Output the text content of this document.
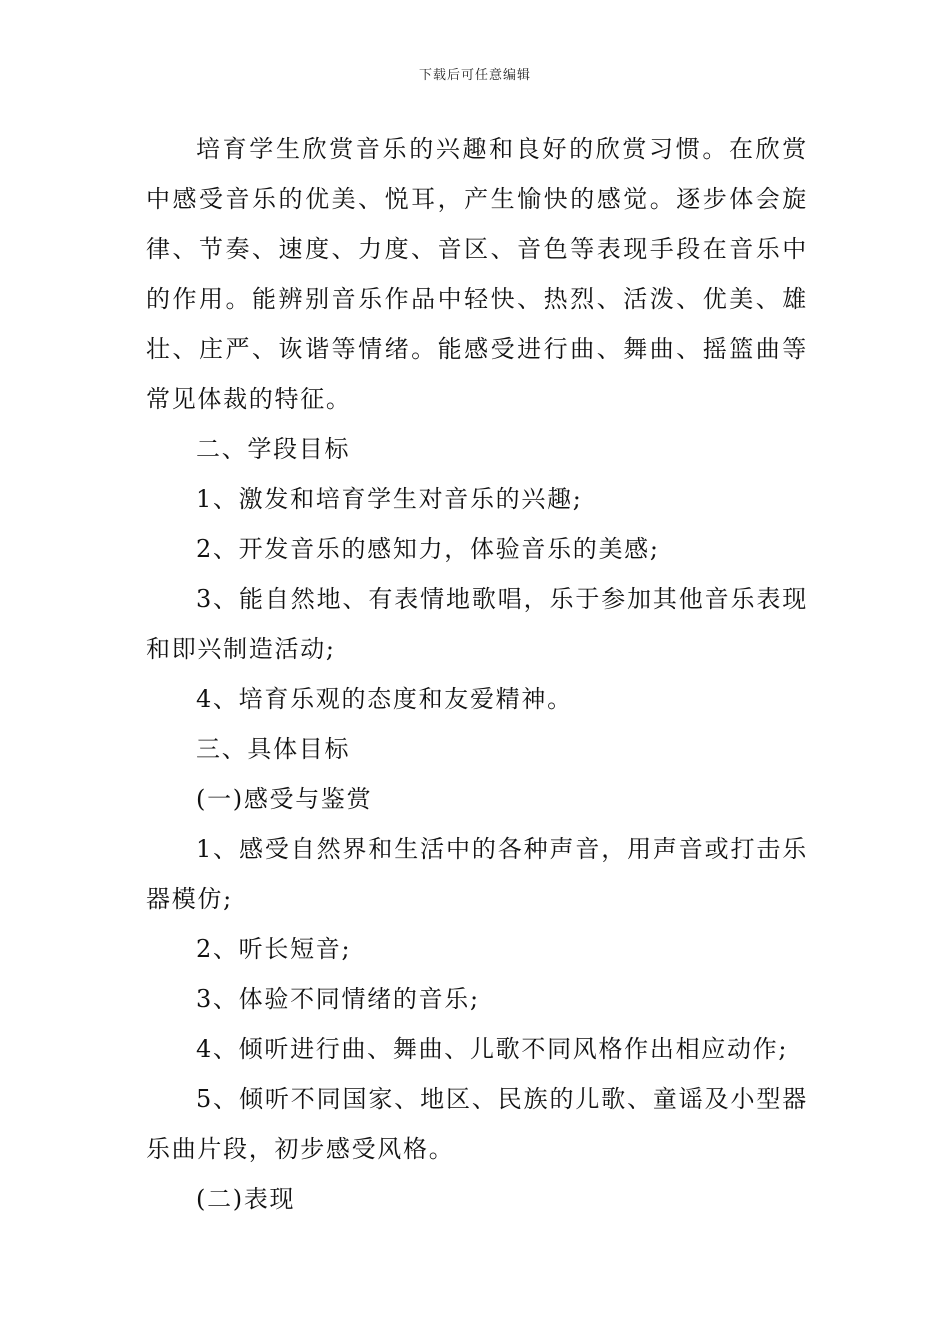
下载后可任意编辑

培育学生欣赏音乐的兴趣和良好的欣赏习惯。在欣赏中感受音乐的优美、悦耳，产生愉快的感觉。逐步体会旋律、节奏、速度、力度、音区、音色等表现手段在音乐中的作用。能辨别音乐作品中轻快、热烈、活泼、优美、雄壮、庄严、诙谐等情绪。能感受进行曲、舞曲、摇篮曲等常见体裁的特征。

二、学段目标

1、激发和培育学生对音乐的兴趣;

2、开发音乐的感知力，体验音乐的美感;

3、能自然地、有表情地歌唱，乐于参加其他音乐表现和即兴制造活动;

4、培育乐观的态度和友爱精神。

三、具体目标

(一)感受与鉴赏

1、感受自然界和生活中的各种声音，用声音或打击乐器模仿;

2、听长短音;

3、体验不同情绪的音乐;

4、倾听进行曲、舞曲、儿歌不同风格作出相应动作;

5、倾听不同国家、地区、民族的儿歌、童谣及小型器乐曲片段，初步感受风格。

(二)表现
